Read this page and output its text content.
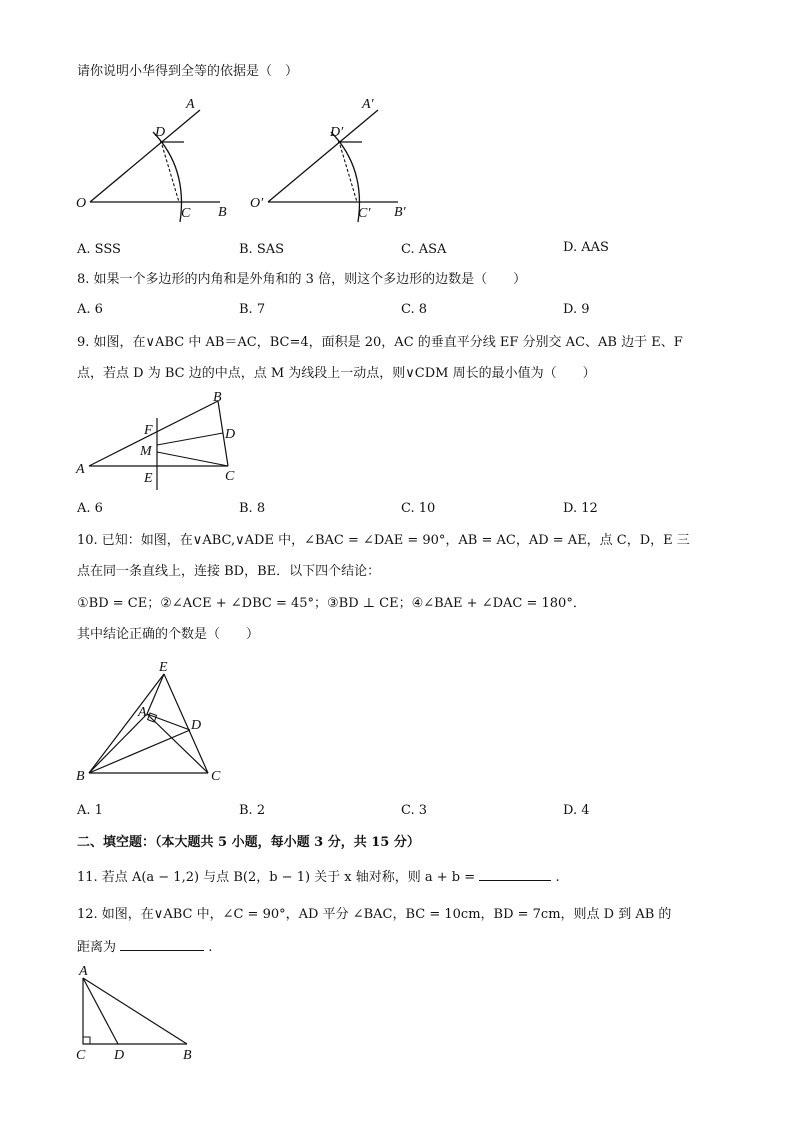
请你说明小华得到全等的依据是（　）
A
D
O
C B
A′
D′
O′
C′ B′
A. SSS	B. SAS	C. ASA	D. AAS
8. 如果一个多边形的内角和是外角和的 3 倍，则这个多边形的边数是（　　）
A. 6	B. 7	C. 8	D. 9
9. 如图，在∨ABC 中 AB＝AC，BC=4，面积是 20，AC 的垂直平分线 EF 分别交 AC、AB 边于 E、F
点，若点 D 为 BC 边的中点，点 M 为线段上一动点，则∨CDM 周长的最小值为（　　）
B
F	D
M
A	C
E
A. 6	B. 8	C. 10	D. 12
10. 已知：如图，在∨ABC,∨ADE 中，∠BAC = ∠DAE = 90°，AB = AC，AD = AE，点 C，D，E 三
点在同一条直线上，连接 BD，BE．以下四个结论：
①BD = CE；②∠ACE + ∠DBC = 45°；③BD ⊥ CE；④∠BAE + ∠DAC = 180°．
其中结论正确的个数是（　　）
E
A
D
B	C
A. 1	B. 2	C. 3	D. 4
二、填空题：（本大题共 5 小题，每小题 3 分，共 15 分）
11. 若点 A(a − 1,2) 与点 B(2，b − 1) 关于 x 轴对称，则 a + b =	.
12. 如图，在∨ABC 中，∠C = 90°，AD 平分 ∠BAC，BC = 10cm，BD = 7cm，则点 D 到 AB 的
距离为	.
A
C D	B
